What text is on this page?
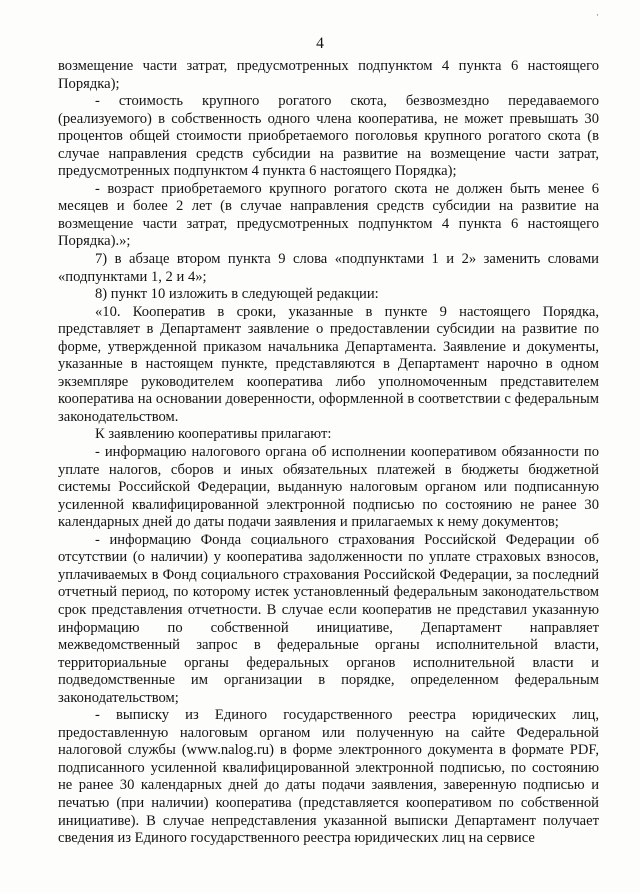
·
4

возмещение части затрат, предусмотренных подпунктом 4 пункта 6 настоящего Порядка);

- стоимость крупного рогатого скота, безвозмездно передаваемого (реализуемого) в собственность одного члена кооператива, не может превышать 30 процентов общей стоимости приобретаемого поголовья крупного рогатого скота (в случае направления средств субсидии на развитие на возмещение части затрат, предусмотренных подпунктом 4 пункта 6 настоящего Порядка);

- возраст приобретаемого крупного рогатого скота не должен быть менее 6 месяцев и более 2 лет (в случае направления средств субсидии на развитие на возмещение части затрат, предусмотренных подпунктом 4 пункта 6 настоящего Порядка).»;

7) в абзаце втором пункта 9 слова «подпунктами 1 и 2» заменить словами «подпунктами 1, 2 и 4»;

8) пункт 10 изложить в следующей редакции:

«10. Кооператив в сроки, указанные в пункте 9 настоящего Порядка, представляет в Департамент заявление о предоставлении субсидии на развитие по форме, утвержденной приказом начальника Департамента. Заявление и документы, указанные в настоящем пункте, представляются в Департамент нарочно в одном экземпляре руководителем кооператива либо уполномоченным представителем кооператива на основании доверенности, оформленной в соответствии с федеральным законодательством.

К заявлению кооперативы прилагают:

- информацию налогового органа об исполнении кооперативом обязанности по уплате налогов, сборов и иных обязательных платежей в бюджеты бюджетной системы Российской Федерации, выданную налоговым органом или подписанную усиленной квалифицированной электронной подписью по состоянию не ранее 30 календарных дней до даты подачи заявления и прилагаемых к нему документов;

- информацию Фонда социального страхования Российской Федерации об отсутствии (о наличии) у кооператива задолженности по уплате страховых взносов, уплачиваемых в Фонд социального страхования Российской Федерации, за последний отчетный период, по которому истек установленный федеральным законодательством срок представления отчетности. В случае если кооператив не представил указанную информацию по собственной инициативе, Департамент направляет межведомственный запрос в федеральные органы исполнительной власти, территориальные органы федеральных органов исполнительной власти и подведомственные им организации в порядке, определенном федеральным законодательством;

- выписку из Единого государственного реестра юридических лиц, предоставленную налоговым органом или полученную на сайте Федеральной налоговой службы (www.nalog.ru) в форме электронного документа в формате PDF, подписанного усиленной квалифицированной электронной подписью, по состоянию не ранее 30 календарных дней до даты подачи заявления, заверенную подписью и печатью (при наличии) кооператива (представляется кооперативом по собственной инициативе). В случае непредставления указанной выписки Департамент получает сведения из Единого государственного реестра юридических лиц на сервисе
